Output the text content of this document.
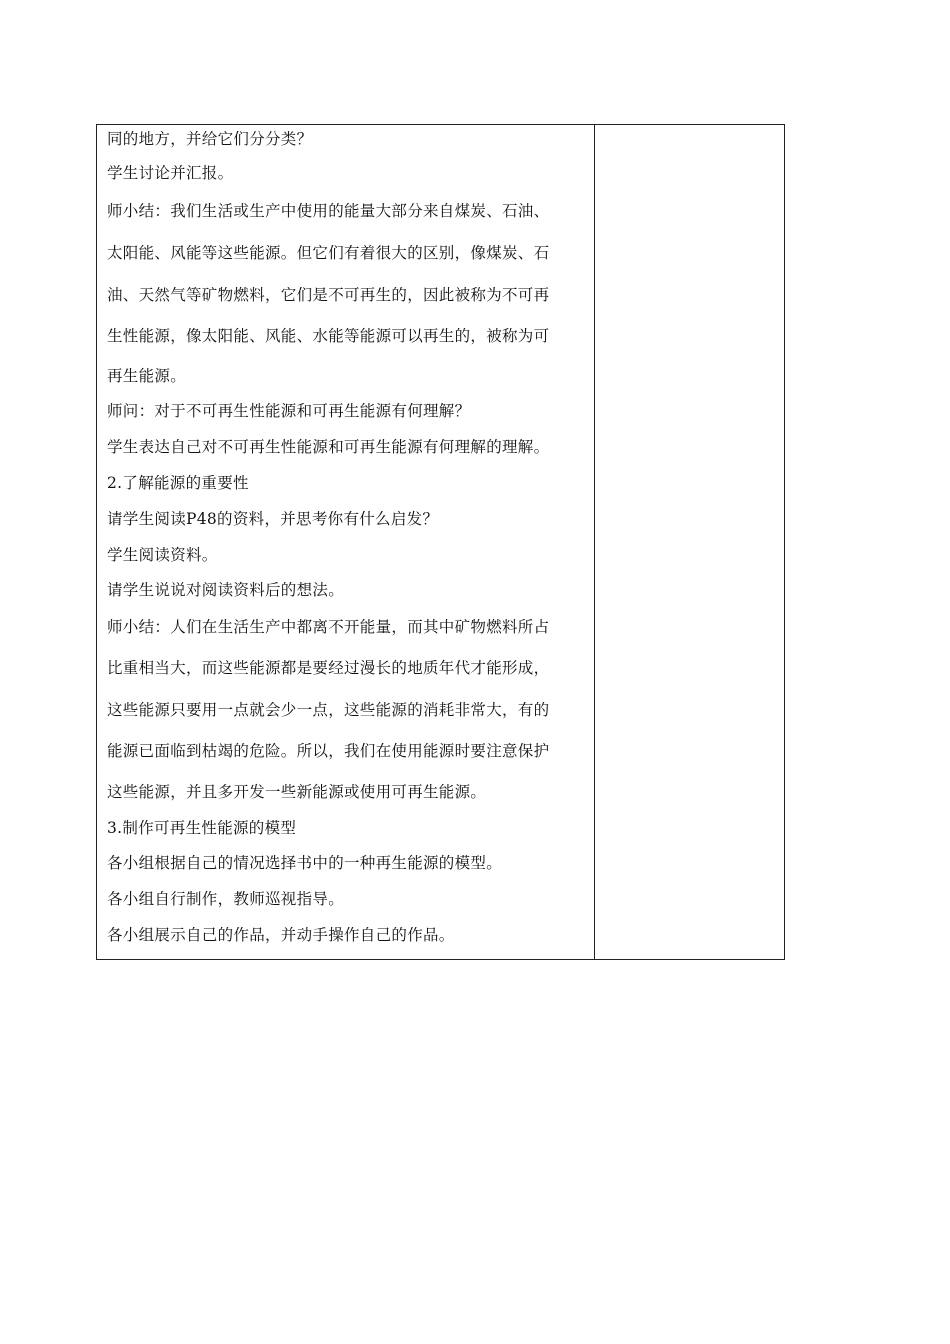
同的地方，并给它们分分类？
学生讨论并汇报。
师小结：我们生活或生产中使用的能量大部分来自煤炭、石油、
太阳能、风能等这些能源。但它们有着很大的区别，像煤炭、石
油、天然气等矿物燃料，它们是不可再生的，因此被称为不可再
生性能源，像太阳能、风能、水能等能源可以再生的，被称为可
再生能源。
师问：对于不可再生性能源和可再生能源有何理解？
学生表达自己对不可再生性能源和可再生能源有何理解的理解。
2.了解能源的重要性
请学生阅读P48的资料，并思考你有什么启发？
学生阅读资料。
请学生说说对阅读资料后的想法。
师小结：人们在生活生产中都离不开能量，而其中矿物燃料所占
比重相当大，而这些能源都是要经过漫长的地质年代才能形成，
这些能源只要用一点就会少一点，这些能源的消耗非常大，有的
能源已面临到枯竭的危险。所以，我们在使用能源时要注意保护
这些能源，并且多开发一些新能源或使用可再生能源。
3.制作可再生性能源的模型
各小组根据自己的情况选择书中的一种再生能源的模型。
各小组自行制作，教师巡视指导。
各小组展示自己的作品，并动手操作自己的作品。
